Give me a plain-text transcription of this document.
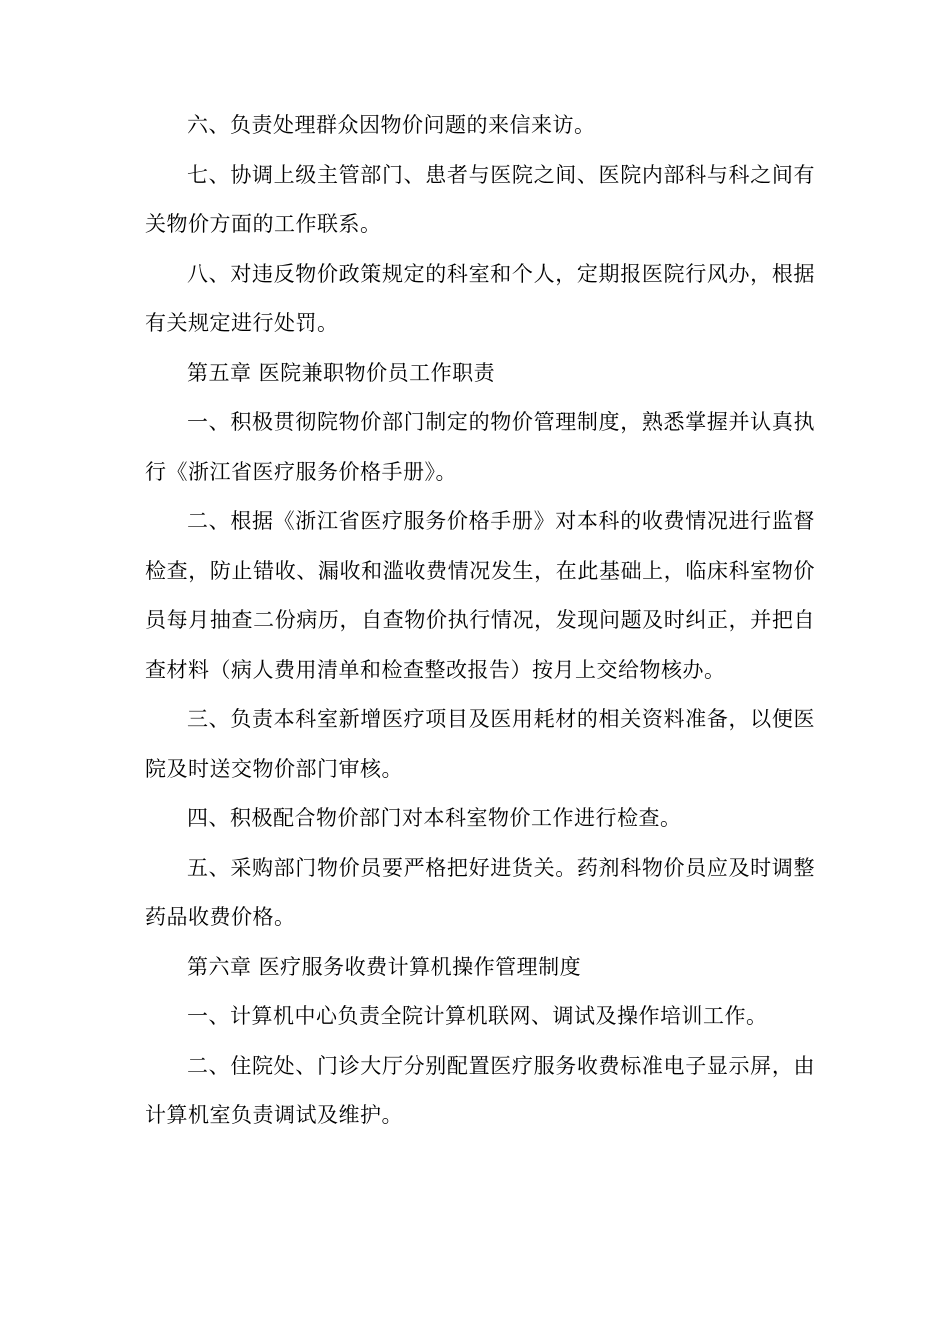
六、负责处理群众因物价问题的来信来访。

七、协调上级主管部门、患者与医院之间、医院内部科与科之间有关物价方面的工作联系。

八、对违反物价政策规定的科室和个人，定期报医院行风办，根据有关规定进行处罚。

第五章 医院兼职物价员工作职责

一、积极贯彻院物价部门制定的物价管理制度，熟悉掌握并认真执行《浙江省医疗服务价格手册》。

二、根据《浙江省医疗服务价格手册》对本科的收费情况进行监督检查，防止错收、漏收和滥收费情况发生，在此基础上，临床科室物价员每月抽查二份病历，自查物价执行情况，发现问题及时纠正，并把自查材料（病人费用清单和检查整改报告）按月上交给物核办。

三、负责本科室新增医疗项目及医用耗材的相关资料准备，以便医院及时送交物价部门审核。

四、积极配合物价部门对本科室物价工作进行检查。

五、采购部门物价员要严格把好进货关。药剂科物价员应及时调整药品收费价格。

第六章 医疗服务收费计算机操作管理制度

一、计算机中心负责全院计算机联网、调试及操作培训工作。

二、住院处、门诊大厅分别配置医疗服务收费标准电子显示屏，由计算机室负责调试及维护。
